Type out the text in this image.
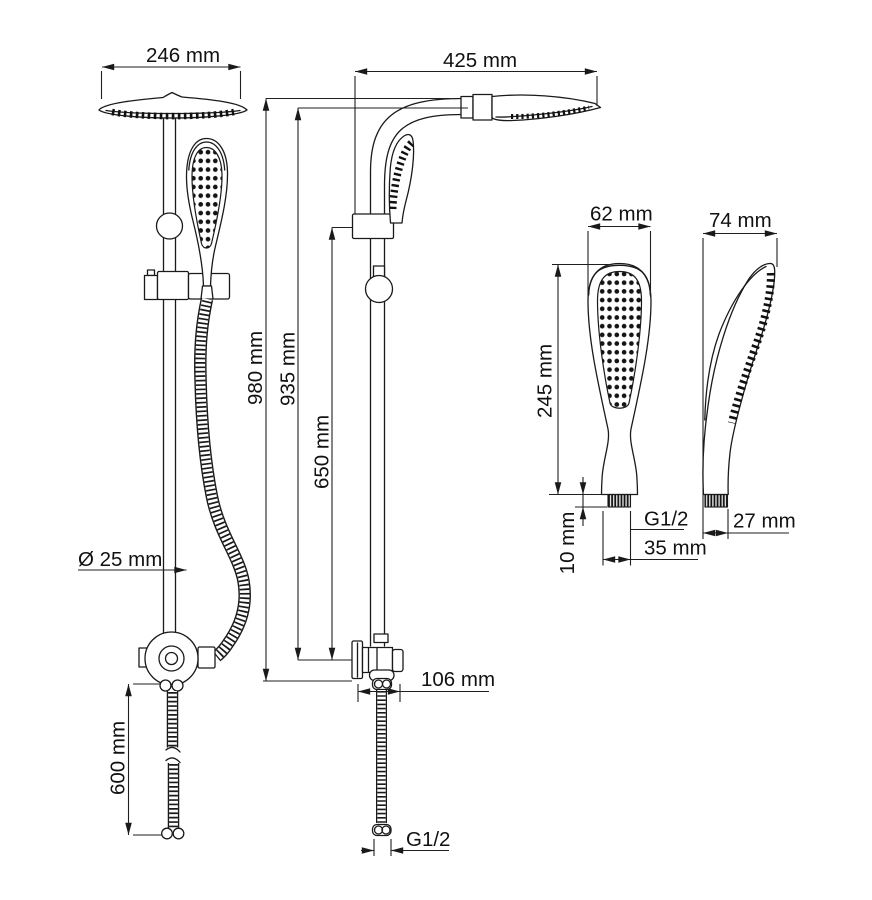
246 mm	425 mm
980 mm 935 mm
650 mm
Ø 25 mm
600 mm
106 mm
G1/2
62 mm
245 mm
10 mm	G1/2
35 mm
74 mm
27 mm
